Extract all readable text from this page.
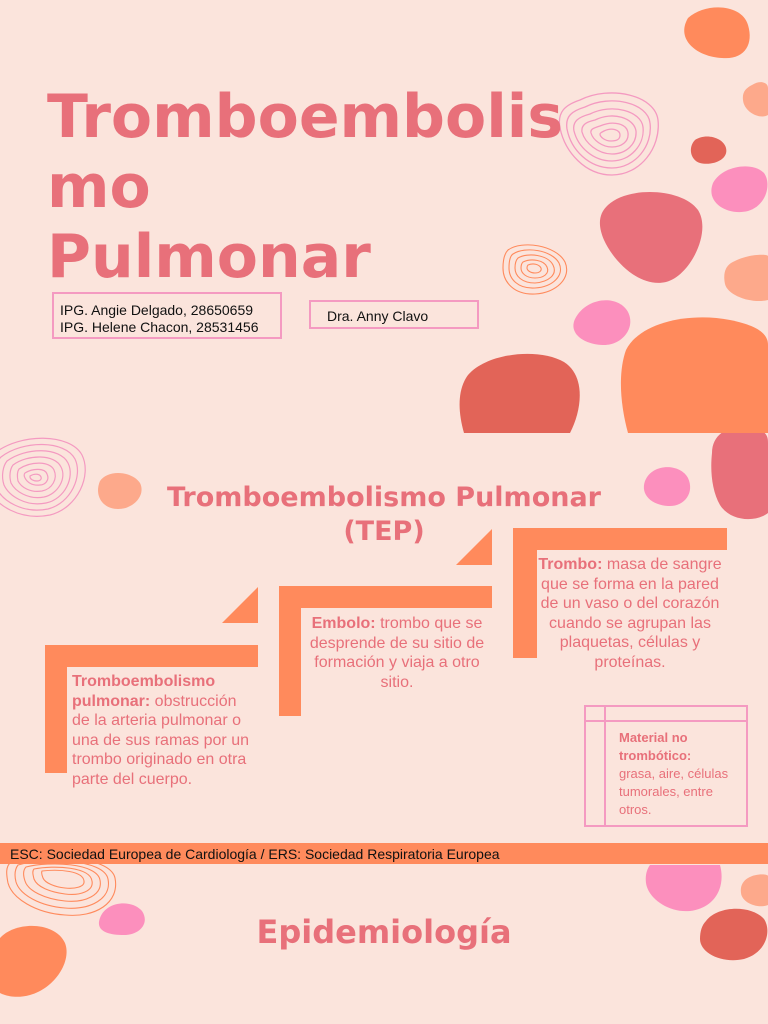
Tromboembolis
mo
Pulmonar
IPG. Angie Delgado, 28650659
IPG. Helene Chacon, 28531456
Dra. Anny Clavo
Tromboembolismo Pulmonar
(TEP)
Tromboembolismo pulmonar: obstrucción de la arteria pulmonar o una de sus ramas por un trombo originado en otra parte del cuerpo.
Embolo: trombo que se desprende de su sitio de formación y viaja a otro sitio.
Trombo: masa de sangre que se forma en la pared de un vaso o del corazón cuando se agrupan las plaquetas, células y proteínas.
Material no trombótico:
grasa, aire, células tumorales, entre otros.
ESC: Sociedad Europea de Cardiología / ERS: Sociedad Respiratoria Europea
Epidemiología
